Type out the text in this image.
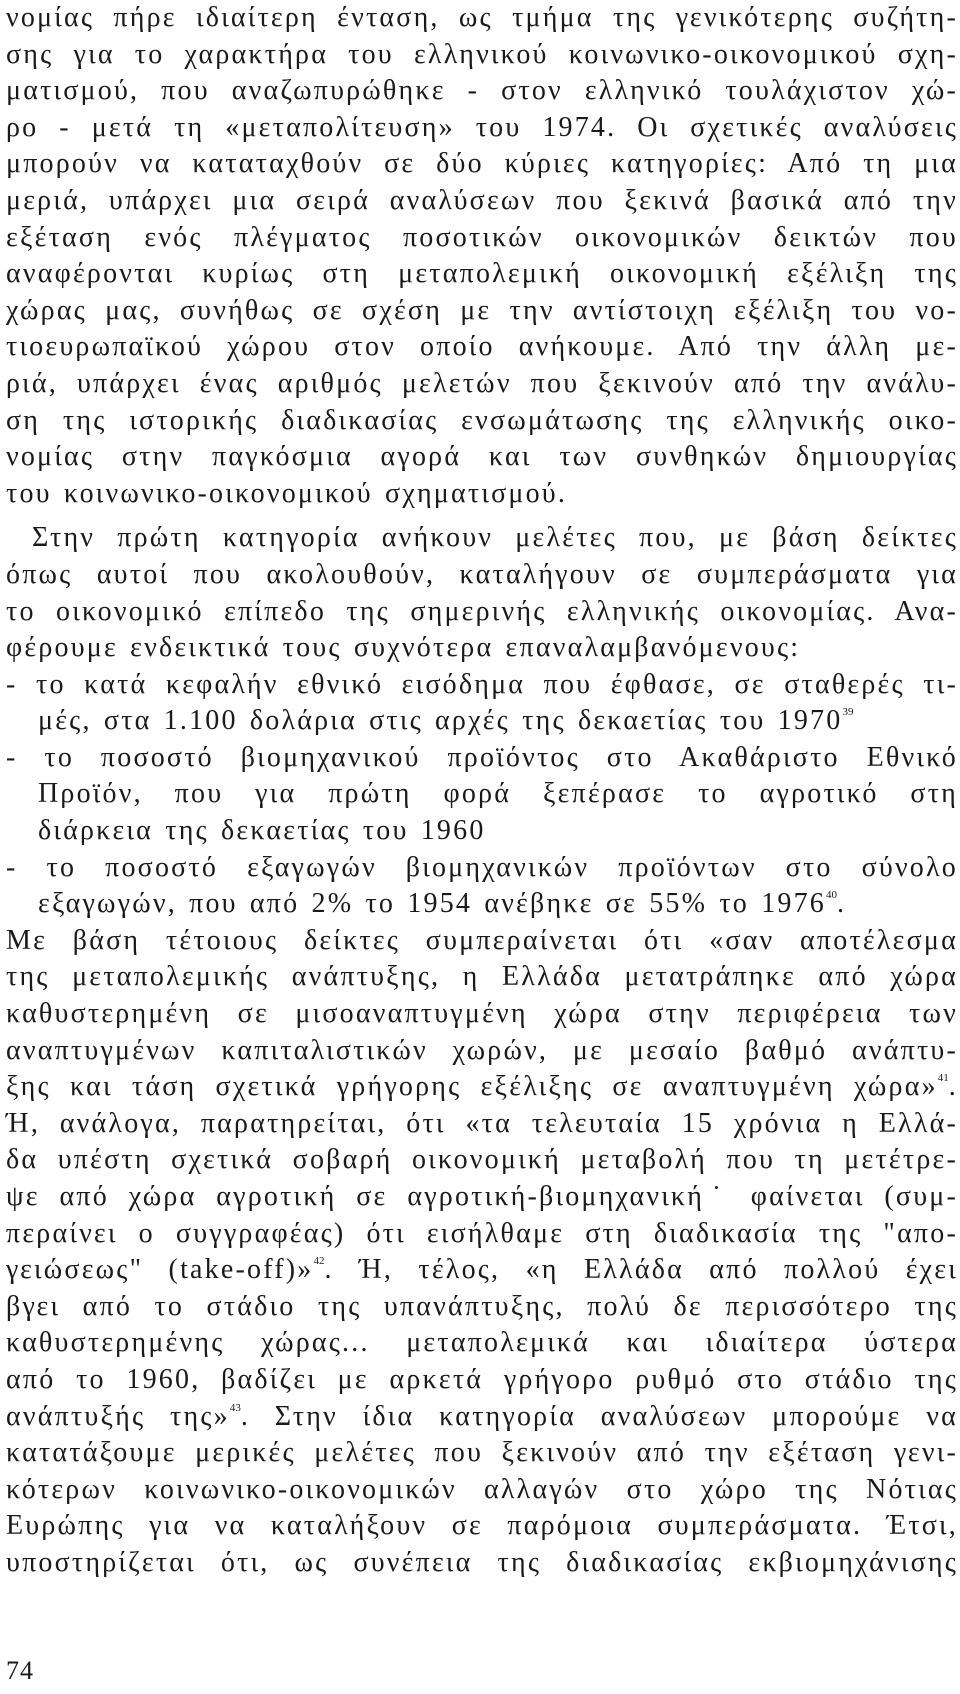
νομίας πήρε ιδιαίτερη ένταση, ως τμήμα της γενικότερης συζήτη-
σης για το χαρακτήρα του ελληνικού κοινωνικο-οικονομικού σχη-
ματισμού, που αναζωπυρώθηκε - στον ελληνικό τουλάχιστον χώ-
ρο - μετά τη «μεταπολίτευση» του 1974. Οι σχετικές αναλύσεις
μπορούν να καταταχθούν σε δύο κύριες κατηγορίες: Από τη μια
μεριά, υπάρχει μια σειρά αναλύσεων που ξεκινά βασικά από την
εξέταση ενός πλέγματος ποσοτικών οικονομικών δεικτών που
αναφέρονται κυρίως στη μεταπολεμική οικονομική εξέλιξη της
χώρας μας, συνήθως σε σχέση με την αντίστοιχη εξέλιξη του νο-
τιοευρωπαϊκού χώρου στον οποίο ανήκουμε. Από την άλλη με-
ριά, υπάρχει ένας αριθμός μελετών που ξεκινούν από την ανάλυ-
ση της ιστορικής διαδικασίας ενσωμάτωσης της ελληνικής οικο-
νομίας στην παγκόσμια αγορά και των συνθηκών δημιουργίας
του κοινωνικο-οικονομικού σχηματισμού.
Στην πρώτη κατηγορία ανήκουν μελέτες που, με βάση δείκτες
όπως αυτοί που ακολουθούν, καταλήγουν σε συμπεράσματα για
το οικονομικό επίπεδο της σημερινής ελληνικής οικονομίας. Ανα-
φέρουμε ενδεικτικά τους συχνότερα επαναλαμβανόμενους:
- το κατά κεφαλήν εθνικό εισόδημα που έφθασε, σε σταθερές τι-
μές, στα 1.100 δολάρια στις αρχές της δεκαετίας του 1970$^{39}$
- το ποσοστό βιομηχανικού προϊόντος στο Ακαθάριστο Εθνικό
Προϊόν, που για πρώτη φορά ξεπέρασε το αγροτικό στη
διάρκεια της δεκαετίας του 1960
- το ποσοστό εξαγωγών βιομηχανικών προϊόντων στο σύνολο
εξαγωγών, που από 2% το 1954 ανέβηκε σε 55% το 1976$^{40}$.
Με βάση τέτοιους δείκτες συμπεραίνεται ότι «σαν αποτέλεσμα
της μεταπολεμικής ανάπτυξης, η Ελλάδα μετατράπηκε από χώρα
καθυστερημένη σε μισοαναπτυγμένη χώρα στην περιφέρεια των
αναπτυγμένων καπιταλιστικών χωρών, με μεσαίο βαθμό ανάπτυ-
ξης και τάση σχετικά γρήγορης εξέλιξης σε αναπτυγμένη χώρα»$^{41}$.
Ή, ανάλογα, παρατηρείται, ότι «τα τελευταία 15 χρόνια η Ελλά-
δα υπέστη σχετικά σοβαρή οικονομική μεταβολή που τη μετέτρε-
ψε από χώρα αγροτική σε αγροτική-βιομηχανική˙ φαίνεται (συμ-
περαίνει ο συγγραφέας) ότι εισήλθαμε στη διαδικασία της "απο-
γειώσεως" (take-off)»$^{42}$. Ή, τέλος, «η Ελλάδα από πολλού έχει
βγει από το στάδιο της υπανάπτυξης, πολύ δε περισσότερο της
καθυστερημένης χώρας... μεταπολεμικά και ιδιαίτερα ύστερα
από το 1960, βαδίζει με αρκετά γρήγορο ρυθμό στο στάδιο της
ανάπτυξής της»$^{43}$. Στην ίδια κατηγορία αναλύσεων μπορούμε να
κατατάξουμε μερικές μελέτες που ξεκινούν από την εξέταση γενι-
κότερων κοινωνικο-οικονομικών αλλαγών στο χώρο της Νότιας
Ευρώπης για να καταλήξουν σε παρόμοια συμπεράσματα. Έτσι,
υποστηρίζεται ότι, ως συνέπεια της διαδικασίας εκβιομηχάνισης
74
